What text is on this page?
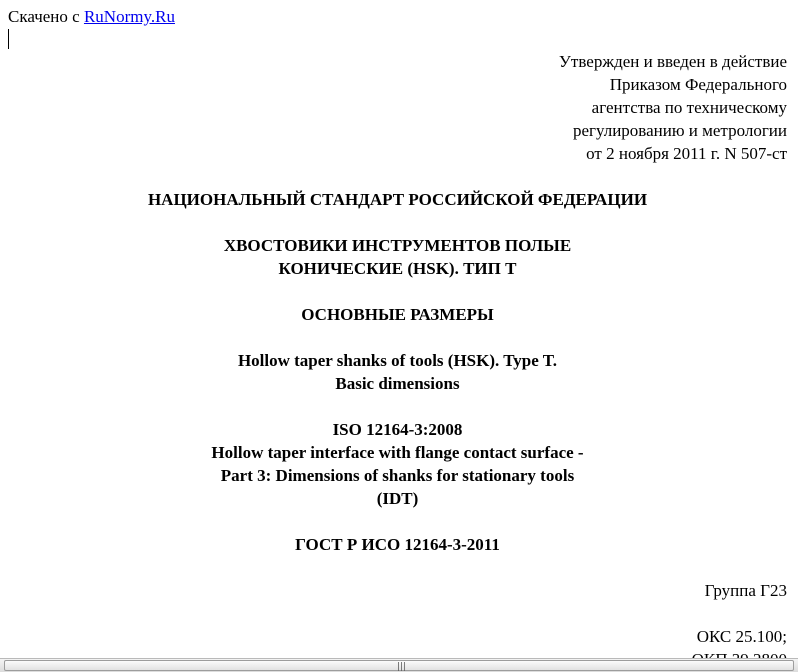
Скачено с RuNormy.Ru
Утвержден и введен в действие
Приказом Федерального
агентства по техническому
регулированию и метрологии
от 2 ноября 2011 г. N 507-ст
НАЦИОНАЛЬНЫЙ СТАНДАРТ РОССИЙСКОЙ ФЕДЕРАЦИИ
ХВОСТОВИКИ ИНСТРУМЕНТОВ ПОЛЫЕ
КОНИЧЕСКИЕ (HSK). ТИП Т
ОСНОВНЫЕ РАЗМЕРЫ
Hollow taper shanks of tools (HSK). Type T.
Basic dimensions
ISO 12164-3:2008
Hollow taper interface with flange contact surface -
Part 3: Dimensions of shanks for stationary tools
(IDT)
ГОСТ Р ИСО 12164-3-2011
Группа Г23
ОКС 25.100;
|||
